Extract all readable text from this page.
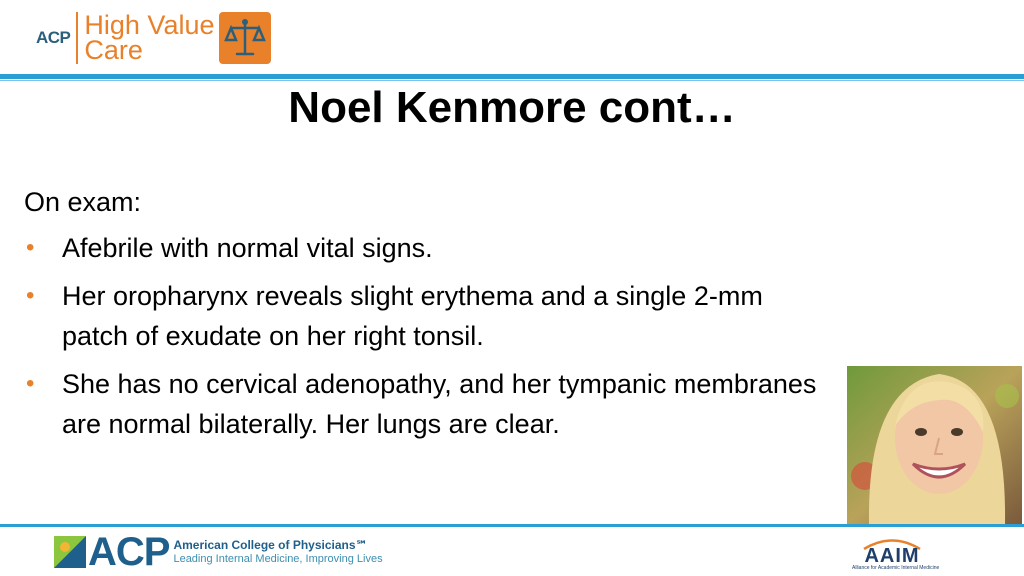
ACP High Value
Care
Noel Kenmore cont…

On exam:

• Afebrile with normal vital signs.
• Her oropharynx reveals slight erythema and a single 2-mm patch of exudate on her right tonsil.
• She has no cervical adenopathy, and her tympanic membranes are normal bilaterally. Her lungs are clear.
ACP American College of Physicians℠
Leading Internal Medicine, Improving Lives	AAIM
Alliance for Academic Internal Medicine
